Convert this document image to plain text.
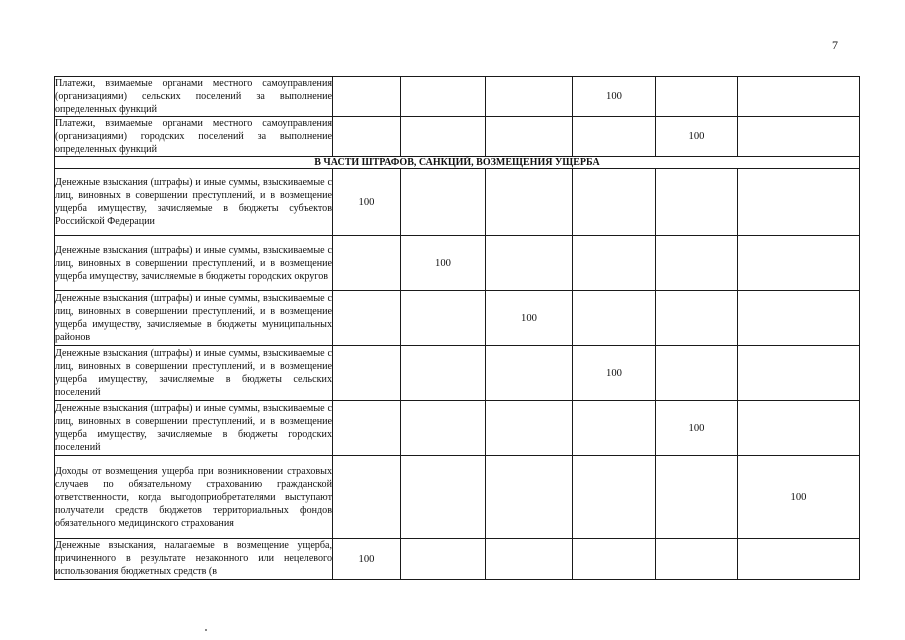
7
Платежи, взимаемые органами местного самоуправления (организациями) сельских поселений за выполнение определенных функций				100		
Платежи, взимаемые органами местного самоуправления (организациями) городских поселений за выполнение определенных функций					100	
В ЧАСТИ ШТРАФОВ, САНКЦИЙ, ВОЗМЕЩЕНИЯ УЩЕРБА						
Денежные взыскания (штрафы) и иные суммы, взыскиваемые с лиц, виновных в совершении преступлений, и в возмещение ущерба имуществу, зачисляемые в бюджеты субъектов Российской Федерации	100					
Денежные взыскания (штрафы) и иные суммы, взыскиваемые с лиц, виновных в совершении преступлений, и в возмещение ущерба имуществу, зачисляемые в бюджеты городских округов		100				
Денежные взыскания (штрафы) и иные суммы, взыскиваемые с лиц, виновных в совершении преступлений, и в возмещение ущерба имуществу, зачисляемые в бюджеты муниципальных районов			100			
Денежные взыскания (штрафы) и иные суммы, взыскиваемые с лиц, виновных в совершении преступлений, и в возмещение ущерба имуществу, зачисляемые в бюджеты сельских поселений				100		
Денежные взыскания (штрафы) и иные суммы, взыскиваемые с лиц, виновных в совершении преступлений, и в возмещение ущерба имуществу, зачисляемые в бюджеты городских поселений					100	
Доходы от возмещения ущерба при возникновении страховых случаев по обязательному страхованию гражданской ответственности, когда выгодоприобретателями выступают получатели средств бюджетов территориальных фондов обязательного медицинского страхования						100

Денежные взыскания, налагаемые в возмещение ущерба, причиненного в результате незаконного или нецелевого использования бюджетных средств (в	100					
